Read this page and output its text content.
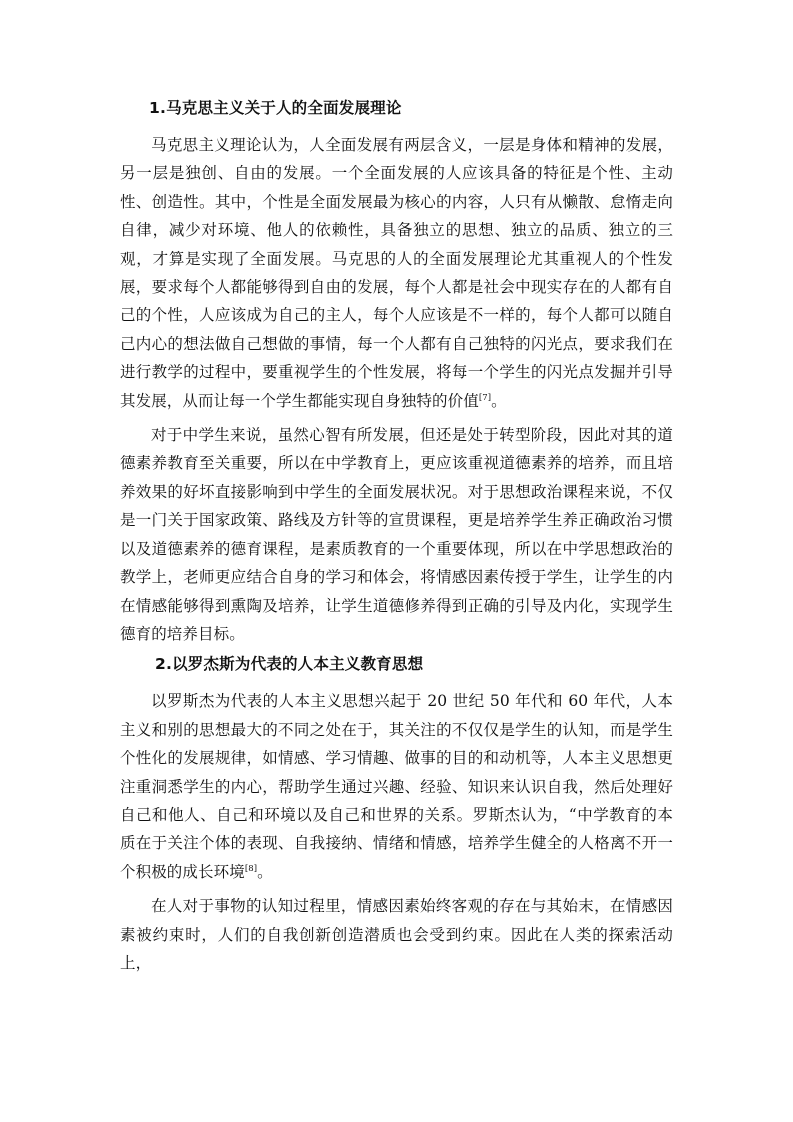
1.马克思主义关于人的全面发展理论

马克思主义理论认为，人全面发展有两层含义，一层是身体和精神的发展，另一层是独创、自由的发展。一个全面发展的人应该具备的特征是个性、主动性、创造性。其中，个性是全面发展最为核心的内容，人只有从懒散、怠惰走向自律，减少对环境、他人的依赖性，具备独立的思想、独立的品质、独立的三观，才算是实现了全面发展。马克思的人的全面发展理论尤其重视人的个性发展，要求每个人都能够得到自由的发展，每个人都是社会中现实存在的人都有自己的个性，人应该成为自己的主人，每个人应该是不一样的，每个人都可以随自己内心的想法做自己想做的事情，每一个人都有自己独特的闪光点，要求我们在进行教学的过程中，要重视学生的个性发展，将每一个学生的闪光点发掘并引导其发展，从而让每一个学生都能实现自身独特的价值[7]。

对于中学生来说，虽然心智有所发展，但还是处于转型阶段，因此对其的道德素养教育至关重要，所以在中学教育上，更应该重视道德素养的培养，而且培养效果的好坏直接影响到中学生的全面发展状况。对于思想政治课程来说，不仅是一门关于国家政策、路线及方针等的宣贯课程，更是培养学生养正确政治习惯以及道德素养的德育课程，是素质教育的一个重要体现，所以在中学思想政治的教学上，老师更应结合自身的学习和体会，将情感因素传授于学生，让学生的内在情感能够得到熏陶及培养，让学生道德修养得到正确的引导及内化，实现学生德育的培养目标。

2.以罗杰斯为代表的人本主义教育思想

以罗斯杰为代表的人本主义思想兴起于 20 世纪 50 年代和 60 年代，人本主义和别的思想最大的不同之处在于，其关注的不仅仅是学生的认知，而是学生个性化的发展规律，如情感、学习情趣、做事的目的和动机等，人本主义思想更注重洞悉学生的内心，帮助学生通过兴趣、经验、知识来认识自我，然后处理好自己和他人、自己和环境以及自己和世界的关系。罗斯杰认为，“中学教育的本质在于关注个体的表现、自我接纳、情绪和情感，培养学生健全的人格离不开一个积极的成长环境[8]。

在人对于事物的认知过程里，情感因素始终客观的存在与其始末，在情感因素被约束时，人们的自我创新创造潜质也会受到约束。因此在人类的探索活动上，
